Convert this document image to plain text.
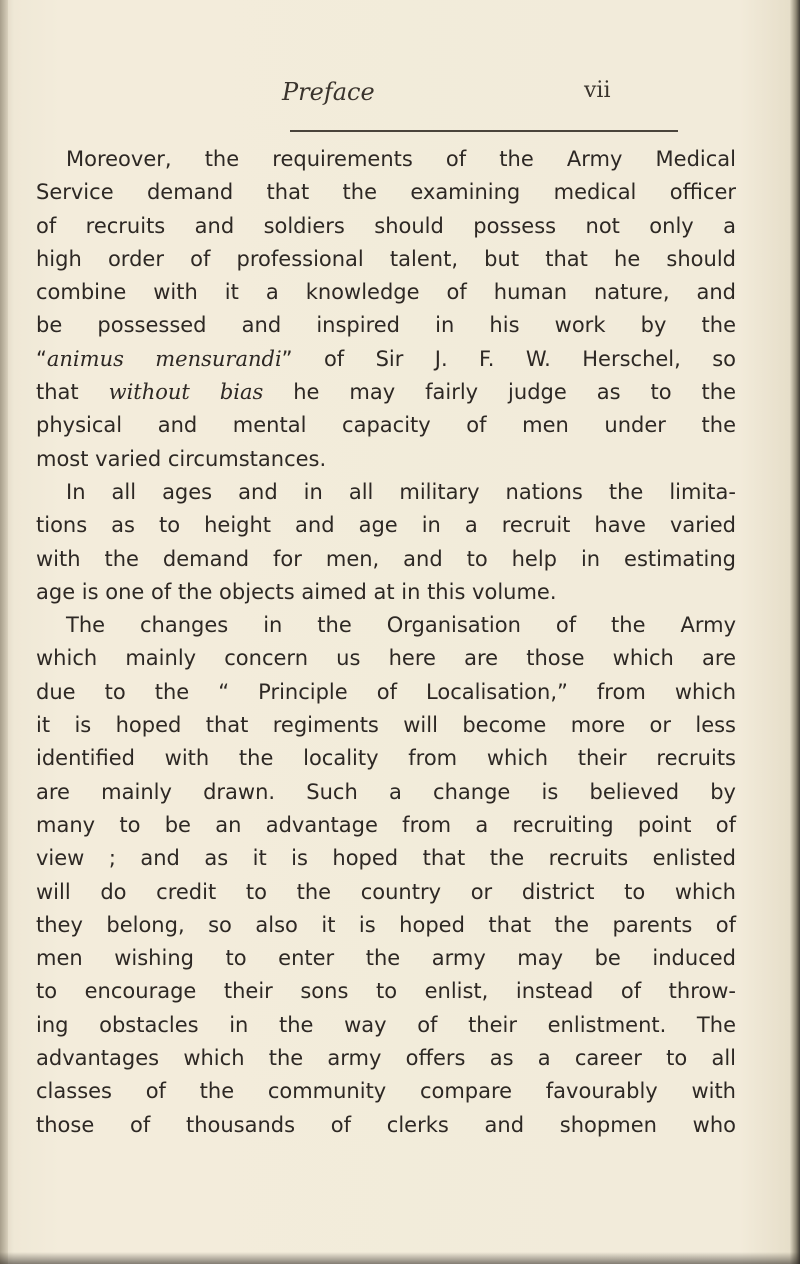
Preface	vii
Moreover, the requirements of the Army Medical
Service demand that the examining medical officer
of recruits and soldiers should possess not only a
high order of professional talent, but that he should
combine with it a knowledge of human nature, and
be possessed and inspired in his work by the
“animus mensurandi” of Sir J. F. W. Herschel, so
that without bias he may fairly judge as to the
physical and mental capacity of men under the
most varied circumstances.
In all ages and in all military nations the limita-
tions as to height and age in a recruit have varied
with the demand for men, and to help in estimating
age is one of the objects aimed at in this volume.
The changes in the Organisation of the Army
which mainly concern us here are those which are
due to the “ Principle of Localisation,” from which
it is hoped that regiments will become more or less
identified with the locality from which their recruits
are mainly drawn. Such a change is believed by
many to be an advantage from a recruiting point of
view ; and as it is hoped that the recruits enlisted
will do credit to the country or district to which
they belong, so also it is hoped that the parents of
men wishing to enter the army may be induced
to encourage their sons to enlist, instead of throw-
ing obstacles in the way of their enlistment. The
advantages which the army offers as a career to all
classes of the community compare favourably with
those of thousands of clerks and shopmen who
